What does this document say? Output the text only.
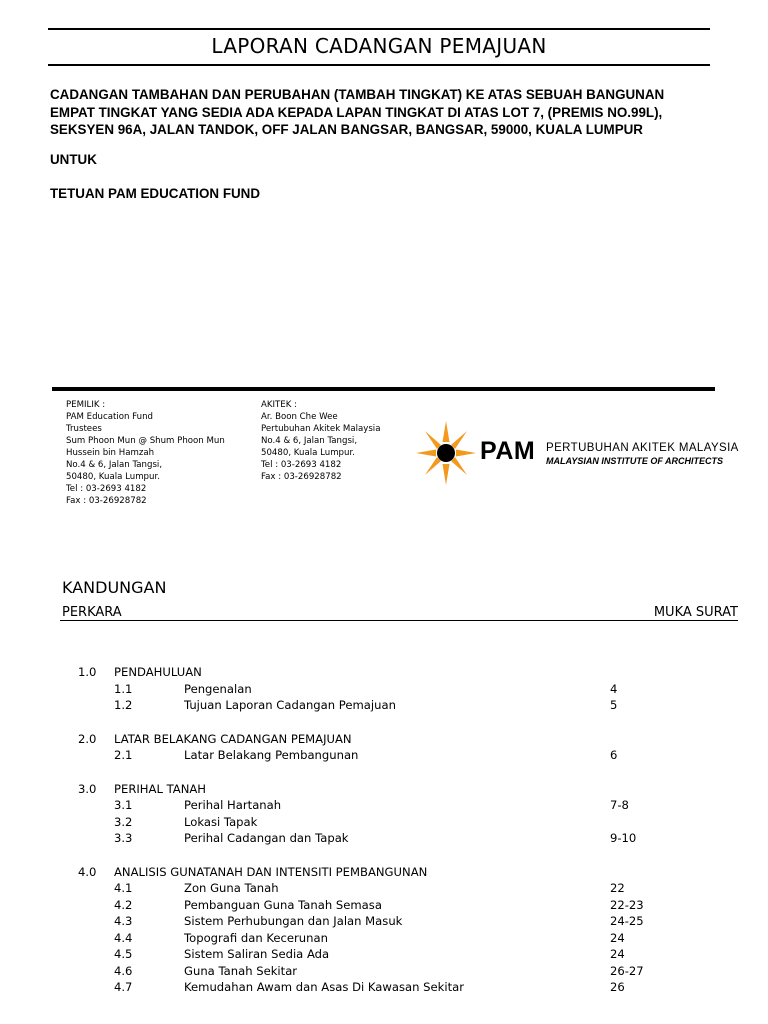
LAPORAN CADANGAN PEMAJUAN
CADANGAN TAMBAHAN DAN PERUBAHAN (TAMBAH TINGKAT) KE ATAS SEBUAH BANGUNAN
EMPAT TINGKAT YANG SEDIA ADA KEPADA LAPAN TINGKAT DI ATAS LOT 7, (PREMIS NO.99L),
SEKSYEN 96A, JALAN TANDOK, OFF JALAN BANGSAR, BANGSAR, 59000, KUALA LUMPUR
UNTUK
TETUAN PAM EDUCATION FUND
PEMILIK :
PAM Education Fund
Trustees
Sum Phoon Mun @ Shum Phoon Mun
Hussein bin Hamzah
No.4 & 6, Jalan Tangsi,
50480, Kuala Lumpur.
Tel : 03-2693 4182
Fax : 03-26928782
AKITEK :
Ar. Boon Che Wee
Pertubuhan Akitek Malaysia
No.4 & 6, Jalan Tangsi,
50480, Kuala Lumpur.
Tel : 03-2693 4182
Fax : 03-26928782
PAM PERTUBUHAN AKITEK MALAYSIA
MALAYSIAN INSTITUTE OF ARCHITECTS
KANDUNGAN
PERKARA	MUKA SURAT
1.0 PENDAHULUAN
1.1	Pengenalan	4
1.2	Tujuan Laporan Cadangan Pemajuan	5
2.0 LATAR BELAKANG CADANGAN PEMAJUAN
2.1	Latar Belakang Pembangunan	6
3.0 PERIHAL TANAH
3.1	Perihal Hartanah	7-8
3.2	Lokasi Tapak
3.3	Perihal Cadangan dan Tapak	9-10
4.0 ANALISIS GUNATANAH DAN INTENSITI PEMBANGUNAN
4.1	Zon Guna Tanah	22
4.2	Pembanguan Guna Tanah Semasa	22-23
4.3	Sistem Perhubungan dan Jalan Masuk	24-25
4.4	Topografi dan Kecerunan	24
4.5	Sistem Saliran Sedia Ada	24
4.6	Guna Tanah Sekitar	26-27
4.7	Kemudahan Awam dan Asas Di Kawasan Sekitar	26
